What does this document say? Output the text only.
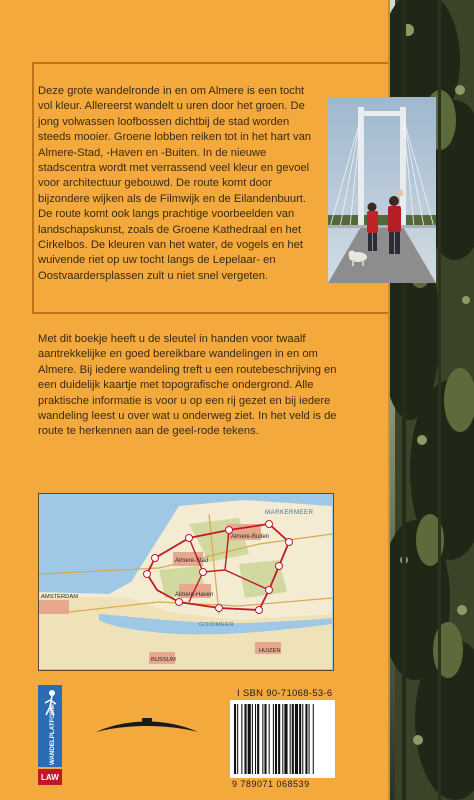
Deze grote wandelronde in en om Almere is een tocht vol kleur. Allereerst wandelt u uren door het groen. De jong volwassen loofbossen dichtbij de stad worden steeds mooier. Groene lobben reiken tot in het hart van Almere-Stad, -Haven en -Buiten. In de nieuwe stadscentra wordt met verrassend veel kleur en gevoel voor architectuur gebouwd. De route komt door bijzondere wijken als de Filmwijk en de Eilandenbuurt. De route komt ook langs prachtige voorbeelden van landschapskunst, zoals de Groene Kathedraal en het Cirkelbos. De kleuren van het water, de vogels en het wuivende riet op uw tocht langs de Lepelaar- en Oostvaardersplassen zult u niet snel vergeten.

Met dit boekje heeft u de sleutel in handen voor twaalf aantrekkelijke en goed bereikbare wandelingen in en om Almere. Bij iedere wandeling treft u een routebeschrijving en een duidelijk kaartje met topografische ondergrond. Alle praktische informatie is voor u op een rij gezet en bij iedere wandeling leest u over wat u onderweg ziet. In het veld is de route te herkennen aan de geel-rode tekens.

MARKERMEER
Almere-Buiten
Almere-Stad
Almere-Haven
AMSTERDAM
GOOIMEER
HUIZEN
BUSSUM
WANDELPLATFORM
LAW
I SBN 90-71068-53-6
9 789071 068539
